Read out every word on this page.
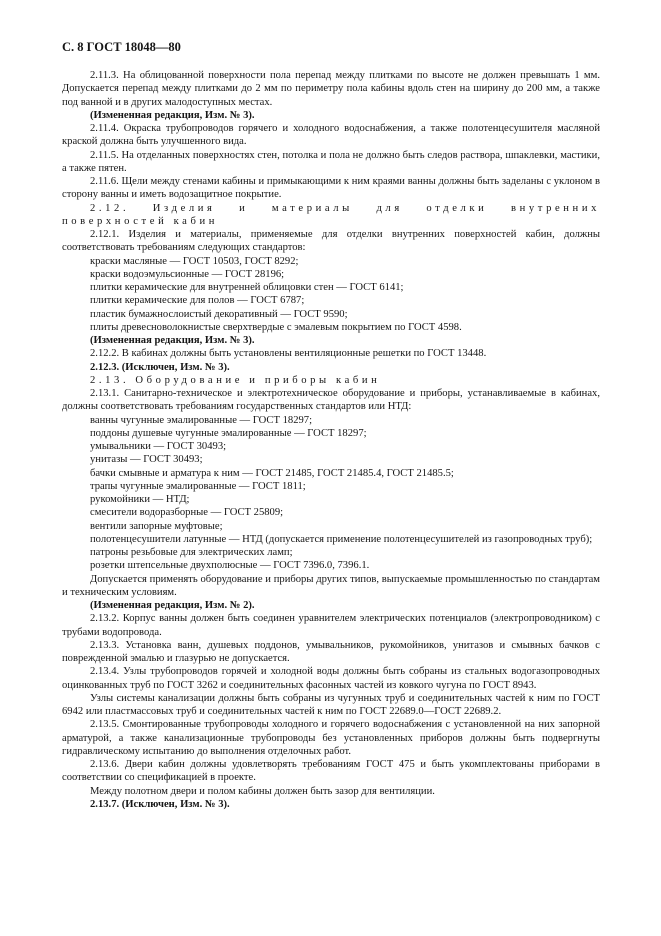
С. 8 ГОСТ 18048—80

2.11.3. На облицованной поверхности пола перепад между плитками по высоте не должен превышать 1 мм. Допускается перепад между плитками до 2 мм по периметру пола кабины вдоль стен на ширину до 200 мм, а также под ванной и в других малодоступных местах.

(Измененная редакция, Изм. № 3).

2.11.4. Окраска трубопроводов горячего и холодного водоснабжения, а также полотенцесушителя масляной краской должна быть улучшенного вида.

2.11.5. На отделанных поверхностях стен, потолка и пола не должно быть следов раствора, шпаклевки, мастики, а также пятен.

2.11.6. Щели между стенами кабины и примыкающими к ним краями ванны должны быть заделаны с уклоном в сторону ванны и иметь водозащитное покрытие.

2.12. Изделия и материалы для отделки внутренних поверхностей кабин

2.12.1. Изделия и материалы, применяемые для отделки внутренних поверхностей кабин, должны соответствовать требованиям следующих стандартов:

краски масляные — ГОСТ 10503, ГОСТ 8292;

краски водоэмульсионные — ГОСТ 28196;

плитки керамические для внутренней облицовки стен — ГОСТ 6141;

плитки керамические для полов — ГОСТ 6787;

пластик бумажнослоистый декоративный — ГОСТ 9590;

плиты древесноволокнистые сверхтвердые с эмалевым покрытием по ГОСТ 4598.

(Измененная редакция, Изм. № 3).

2.12.2. В кабинах должны быть установлены вентиляционные решетки по ГОСТ 13448.

2.12.3. (Исключен, Изм. № 3).

2.13. Оборудование и приборы кабин

2.13.1. Санитарно-техническое и электротехническое оборудование и приборы, устанавливаемые в кабинах, должны соответствовать требованиям государственных стандартов или НТД:

ванны чугунные эмалированные — ГОСТ 18297;

поддоны душевые чугунные эмалированные — ГОСТ 18297;

умывальники — ГОСТ 30493;

унитазы — ГОСТ 30493;

бачки смывные и арматура к ним — ГОСТ 21485, ГОСТ 21485.4, ГОСТ 21485.5;

трапы чугунные эмалированные — ГОСТ 1811;

рукомойники — НТД;

смесители водоразборные — ГОСТ 25809;

вентили запорные муфтовые;

полотенцесушители латунные — НТД (допускается применение полотенцесушителей из газопроводных труб);

патроны резьбовые для электрических ламп;

розетки штепсельные двухполюсные — ГОСТ 7396.0, 7396.1.

Допускается применять оборудование и приборы других типов, выпускаемые промышленностью по стандартам и техническим условиям.

(Измененная редакция, Изм. № 2).

2.13.2. Корпус ванны должен быть соединен уравнителем электрических потенциалов (электропроводником) с трубами водопровода.

2.13.3. Установка ванн, душевых поддонов, умывальников, рукомойников, унитазов и смывных бачков с поврежденной эмалью и глазурью не допускается.

2.13.4. Узлы трубопроводов горячей и холодной воды должны быть собраны из стальных водогазопроводных оцинкованных труб по ГОСТ 3262 и соединительных фасонных частей из ковкого чугуна по ГОСТ 8943.

Узлы системы канализации должны быть собраны из чугунных труб и соединительных частей к ним по ГОСТ 6942 или пластмассовых труб и соединительных частей к ним по ГОСТ 22689.0—ГОСТ 22689.2.

2.13.5. Смонтированные трубопроводы холодного и горячего водоснабжения с установленной на них запорной арматурой, а также канализационные трубопроводы без установленных приборов должны быть подвергнуты гидравлическому испытанию до выполнения отделочных работ.

2.13.6. Двери кабин должны удовлетворять требованиям ГОСТ 475 и быть укомплектованы приборами в соответствии со спецификацией в проекте.

Между полотном двери и полом кабины должен быть зазор для вентиляции.

2.13.7. (Исключен, Изм. № 3).
